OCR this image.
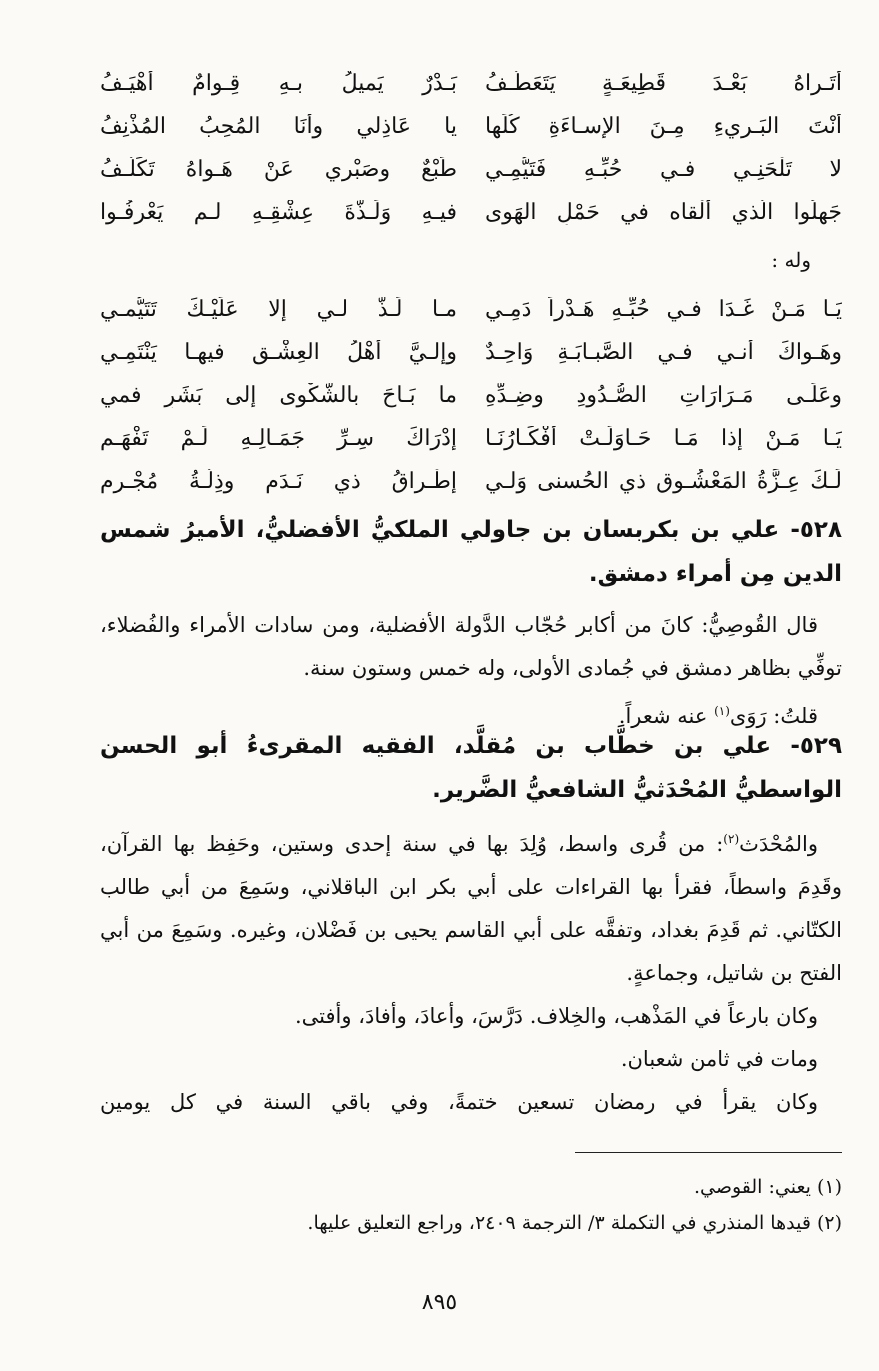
أَتَـراهُ بَعْـدَ قَطِيعَـةٍ يَتَعَطَّـفُ
بَـدْرٌ يَميلُ بـهِ قِـوامٌ أهْيَـفُ
أنْتَ البَـريءِ مِـنَ الإسـاءَةِ كُلِّها
يا عَاذِلي وأنَا المُحِبُ المُذْنِفُ
لا تَلْحَنِـي فـي حُبِّـهِ فَتَيُّمِـي
طَبْعٌ وصَبْري عَنْ هَـواهُ تَكَلُّـفُ
جَهِلُوا الّذي ألْقاه في حَمْلِ الهَوى
فيـهِ وَلَـذَّةَ عِشْقِـهِ لـم يَعْرِفُـوا
وله :
يَـا مَـنْ غَـدَا فـي حُبِّـهِ هَـدْراً دَمِـي
مـا لَـذَّ لـي إلا عَلَيْـكَ تَتَيُّمـي
وهَـواكَ أنـي فـي الصَّبـابَـةِ وَاحِـدٌ
وإلـيَّ أهْلُ العِشْـقِ فيهـا يَنْتَمِـي
وعَلَـى مَـرَارَاتِ الصُّـدُودِ وضِـدِّهِ
ما بَـاحَ بالشَّكْوى إلى بَشَرٍ فمي
يَـا مَـنْ إذا مَـا حَـاوَلَـتْ أفْكَـارُنَـا
إدْرَاكَ سِـرِّ جَمَـالِـهِ لَـمْ تَفْهَـمِ
لَـكَ عِـزَّةُ المَعْشُـوقِ ذي الحُسنى وَلـي
إطْـراقُ ذي نَـدَمٍ وذِلَّـةُ مُجْـرِمِ
٥٢٨- علي بن بكربسان بن جاولي الملكيُّ الأفضليُّ، الأميرُ شمس الدين مِن أمراء دمشق.
قال القُوصِيُّ: كانَ من أكابر حُجّاب الدَّولة الأفضلية، ومن سادات الأمراء والفُضلاء، توفِّي بظاهر دمشق في جُمادى الأولى، وله خمس وستون سنة.
قلتُ: رَوَى$^{(١)}$ عنه شعراً.
٥٢٩- علي بن خطَّاب بن مُقلَّد، الفقيه المقرىءُ أبو الحسن الواسطيُّ المُحْدَثيُّ الشافعيُّ الضَّرير.
والمُحْدَث$^{(٢)}$: من قُرى واسط، وُلِدَ بها في سنة إحدى وستين، وحَفِظ بها القرآن، وقَدِمَ واسطاً، فقرأ بها القراءات على أبي بكر ابن الباقلاني، وسَمِعَ من أبي طالب الكتّاني. ثم قَدِمَ بغداد، وتفقَّه على أبي القاسم يحيى بن فَضْلان، وغيره. وسَمِعَ من أبي الفتح بن شاتيل، وجماعةٍ.
وكان بارعاً في المَذْهب، والخِلاف. دَرَّسَ، وأعادَ، وأفادَ، وأفتى.
ومات في ثامن شعبان.
وكان يقرأ في رمضان تسعين ختمةً، وفي باقي السنة في كل يومين
(١) يعني: القوصي.
(٢) قيدها المنذري في التكملة ٣/ الترجمة ٢٤٠٩، وراجع التعليق عليها.
٨٩٥
